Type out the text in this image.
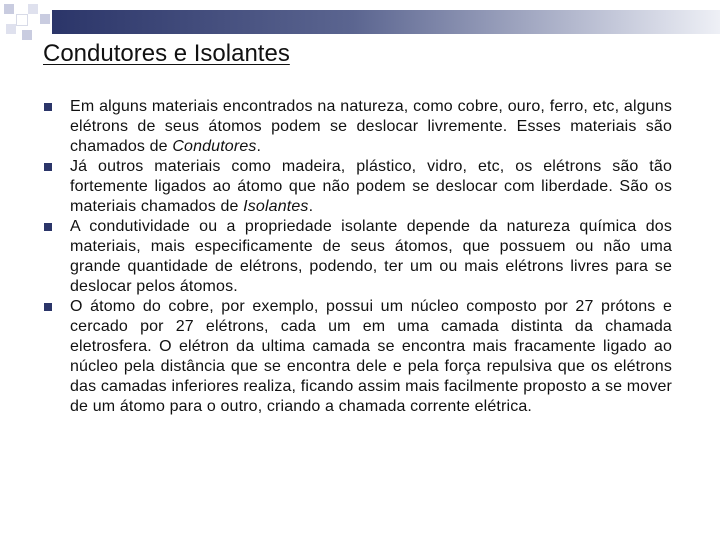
Condutores e Isolantes
Em alguns materiais encontrados na natureza, como cobre, ouro, ferro, etc, alguns elétrons de seus átomos podem se deslocar livremente. Esses materiais são chamados de Condutores.
Já outros materiais como madeira, plástico, vidro, etc, os elétrons são tão fortemente ligados ao átomo que não podem se deslocar com liberdade. São os materiais chamados de Isolantes.
A condutividade ou a propriedade isolante depende da natureza química dos materiais, mais especificamente de seus átomos, que possuem ou não uma grande quantidade de elétrons, podendo, ter um ou mais elétrons livres para se deslocar pelos átomos.
O átomo do cobre, por exemplo, possui um núcleo composto por 27 prótons e cercado por 27 elétrons, cada um em uma camada distinta da chamada eletrosfera. O elétron da ultima camada se encontra mais fracamente ligado ao núcleo pela distância que se encontra dele e pela força repulsiva que os elétrons das camadas inferiores realiza, ficando assim mais facilmente proposto a se mover de um átomo para o outro, criando a chamada corrente elétrica.
